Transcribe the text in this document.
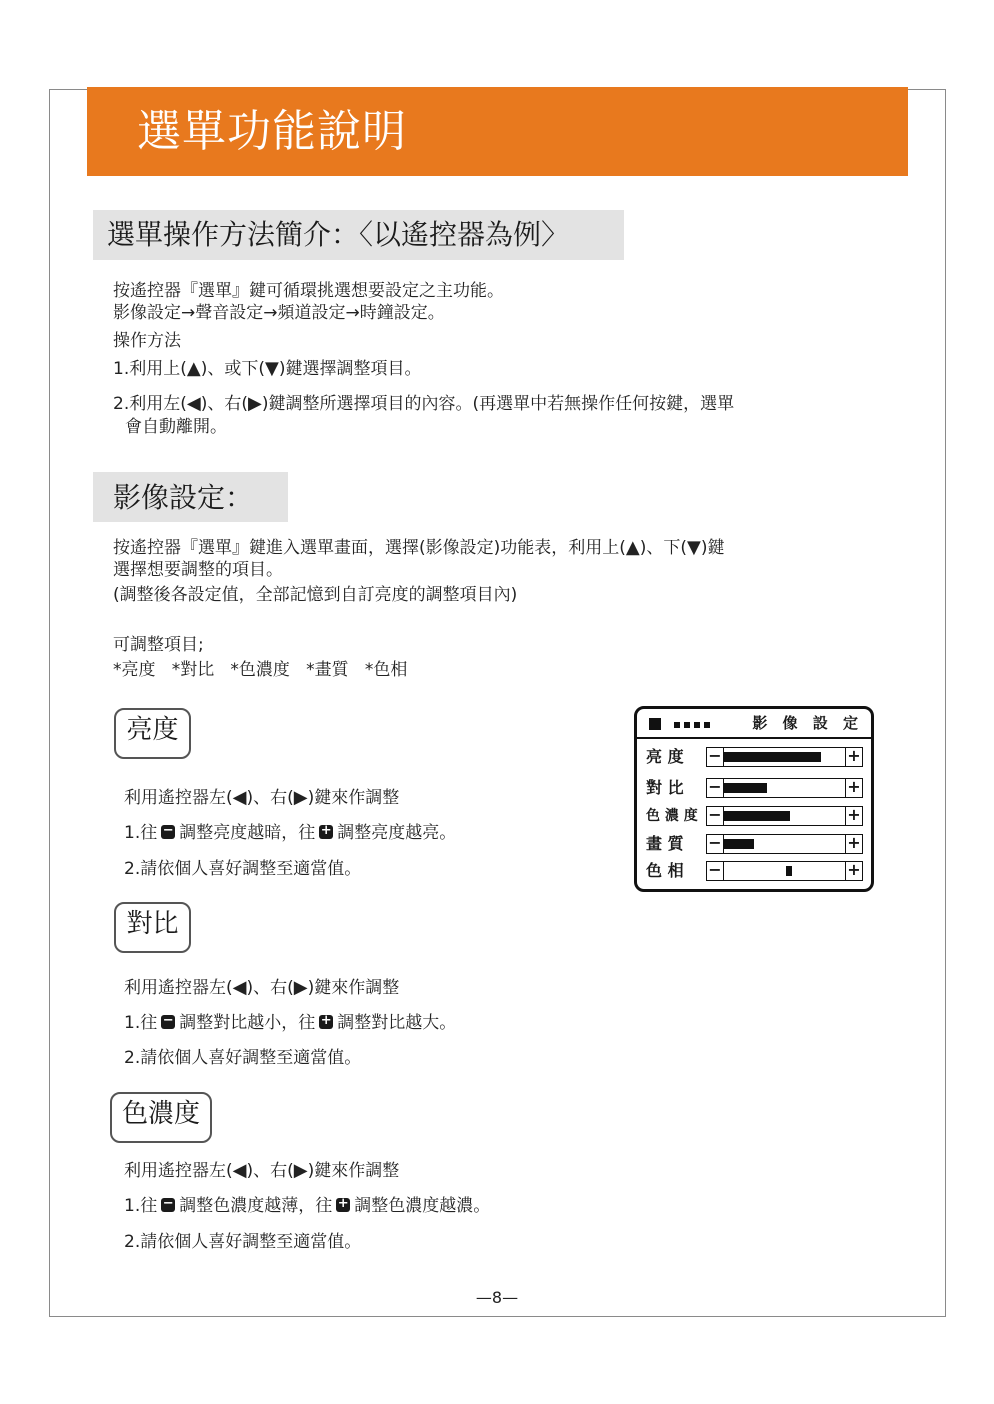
選單功能說明
選單操作方法簡介：〈以遙控器為例〉
按遙控器『選單』鍵可循環挑選想要設定之主功能。
影像設定→聲音設定→頻道設定→時鐘設定。
操作方法
1.利用上(▲)、或下(▼)鍵選擇調整項目。
2.利用左(◀)、右(▶)鍵調整所選擇項目的內容。(再選單中若無操作任何按鍵，選單
會自動離開。
影像設定：
按遙控器『選單』鍵進入選單畫面，選擇(影像設定)功能表，利用上(▲)、下(▼)鍵
選擇想要調整的項目。
(調整後各設定值，全部記憶到自訂亮度的調整項目內)
可調整項目;
*亮度   *對比   *色濃度   *畫質   *色相
亮度
利用遙控器左(◀)、右(▶)鍵來作調整
1.往 − 調整亮度越暗，往 + 調整亮度越亮。
2.請依個人喜好調整至適當值。
對比
利用遙控器左(◀)、右(▶)鍵來作調整
1.往 − 調整對比越小，往 + 調整對比越大。
2.請依個人喜好調整至適當值。
色濃度
利用遙控器左(◀)、右(▶)鍵來作調整
1.往 − 調整色濃度越薄，往 + 調整色濃度越濃。
2.請依個人喜好調整至適當值。
影 像 設 定
亮 度 −	+
對 比 −	+
色 濃 度 −	+
畫 質 −	+
色 相 −	+
—8—
